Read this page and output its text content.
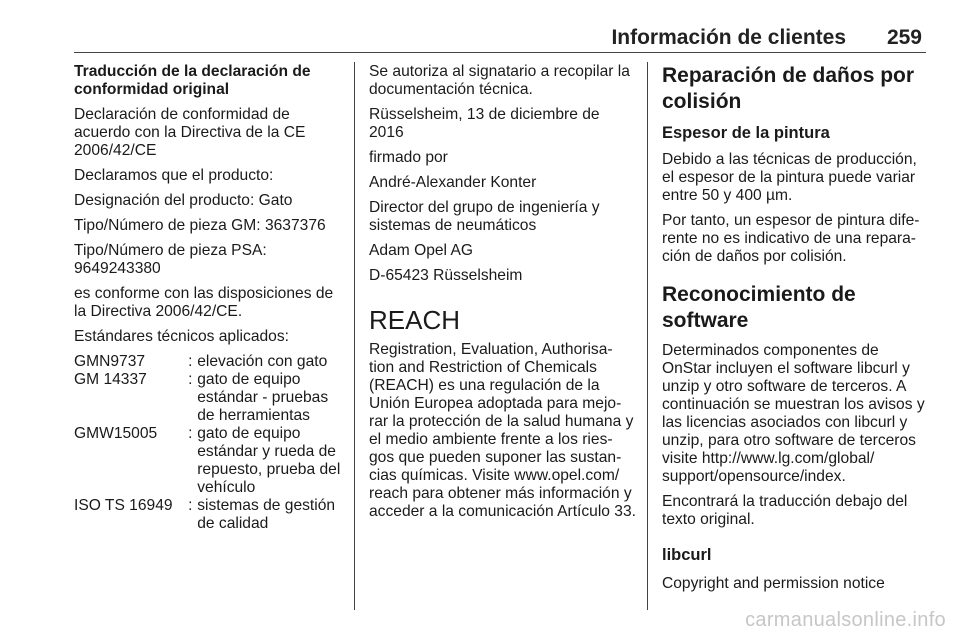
Información de clientes 259

Traducción de la declaración de conformidad original

Declaración de conformidad de acuerdo con la Directiva de la CE 2006/42/CE

Declaramos que el producto:

Designación del producto: Gato

Tipo/Número de pieza GM: 3637376

Tipo/Número de pieza PSA: 9649243380

es conforme con las disposiciones de la Directiva 2006/42/CE.

Estándares técnicos aplicados:

GMN9737	:	elevación con gato
GM 14337	:	gato de equipo estándar - pruebas de herramientas
GMW15005	:	gato de equipo estándar y rueda de repuesto, prueba del vehículo
ISO TS 16949	:	sistemas de gestión de calidad

Se autoriza al signatario a recopilar la documentación técnica.

Rüsselsheim, 13 de diciembre de 2016

firmado por

André-Alexander Konter

Director del grupo de ingeniería y sistemas de neumáticos

Adam Opel AG

D-65423 Rüsselsheim

REACH

Registration, Evaluation, Authorisa- tion and Restriction of Chemicals (REACH) es una regulación de la Unión Europea adoptada para mejo- rar la protección de la salud humana y el medio ambiente frente a los ries- gos que pueden suponer las sustan- cias químicas. Visite www.opel.com/ reach para obtener más información y acceder a la comunicación Artículo 33.

Reparación de daños por colisión
Espesor de la pintura

Debido a las técnicas de producción, el espesor de la pintura puede variar entre 50 y 400 µm.

Por tanto, un espesor de pintura dife- rente no es indicativo de una repara- ción de daños por colisión.

Reconocimiento de software

Determinados componentes de OnStar incluyen el software libcurl y unzip y otro software de terceros. A continuación se muestran los avisos y las licencias asociados con libcurl y unzip, para otro software de terceros visite http://www.lg.com/global/ support/opensource/index.

Encontrará la traducción debajo del texto original.

libcurl

Copyright and permission notice

carmanualsonline.info
